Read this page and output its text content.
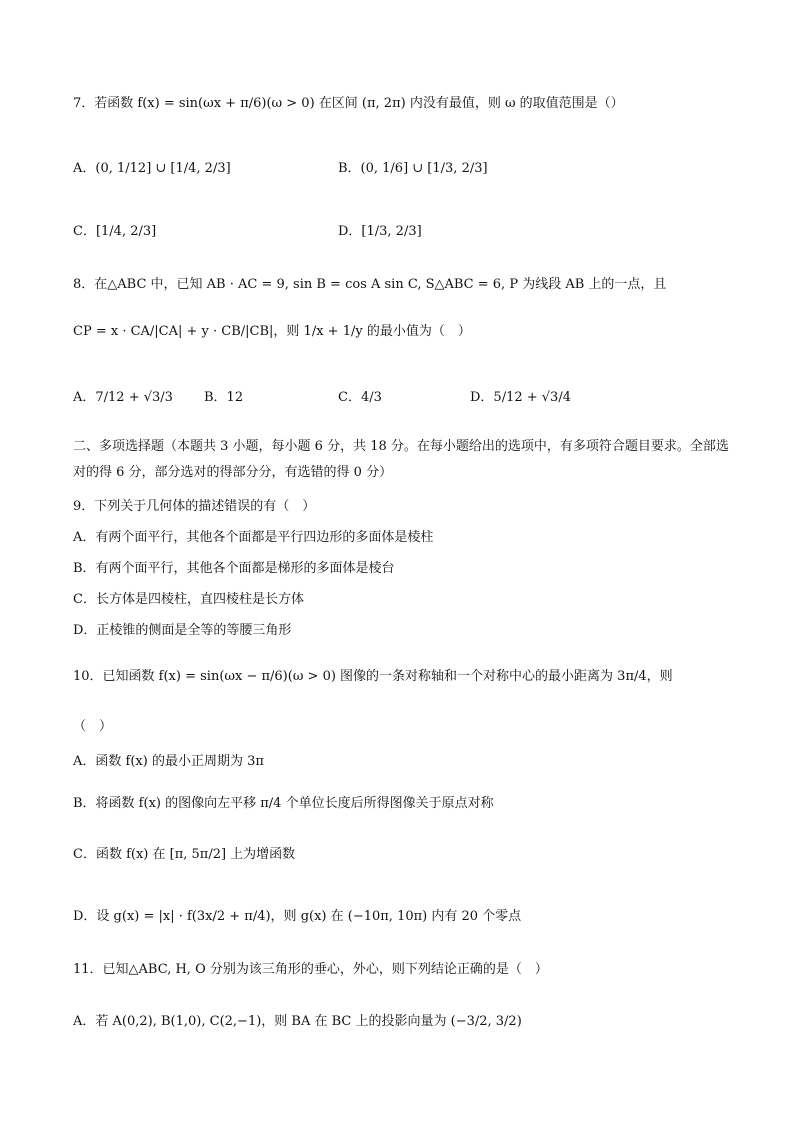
7．若函数 f(x) = sin(ωx + π/6)(ω > 0) 在区间 (π, 2π) 内没有最值，则 ω 的取值范围是（）
A．(0, 1/12] ∪ [1/4, 2/3]	B．(0, 1/6] ∪ [1/3, 2/3]
C．[1/4, 2/3]	D．[1/3, 2/3]
8．在△ABC 中，已知 AB · AC = 9, sin B = cos A sin C, S△ABC = 6, P 为线段 AB 上的一点，且
CP = x · CA/|CA| + y · CB/|CB|，则 1/x + 1/y 的最小值为（　）
A．7/12 + √3/3 B．12	C．4/3	D．5/12 + √3/4
二、多项选择题（本题共 3 小题，每小题 6 分，共 18 分。在每小题给出的选项中，有多项符合题目要求。全部选对的得 6 分，部分选对的得部分分，有选错的得 0 分）
9．下列关于几何体的描述错误的有（　）
A．有两个面平行，其他各个面都是平行四边形的多面体是棱柱
B．有两个面平行，其他各个面都是梯形的多面体是棱台
C．长方体是四棱柱，直四棱柱是长方体
D．正棱锥的侧面是全等的等腰三角形
10．已知函数 f(x) = sin(ωx − π/6)(ω > 0) 图像的一条对称轴和一个对称中心的最小距离为 3π/4，则
（　）
A．函数 f(x) 的最小正周期为 3π
B．将函数 f(x) 的图像向左平移 π/4 个单位长度后所得图像关于原点对称
C．函数 f(x) 在 [π, 5π/2] 上为增函数
D．设 g(x) = |x| · f(3x/2 + π/4)，则 g(x) 在 (−10π, 10π) 内有 20 个零点
11．已知△ABC, H, O 分别为该三角形的垂心，外心，则下列结论正确的是（　）
A．若 A(0,2), B(1,0), C(2,−1)，则 BA 在 BC 上的投影向量为 (−3/2, 3/2)
